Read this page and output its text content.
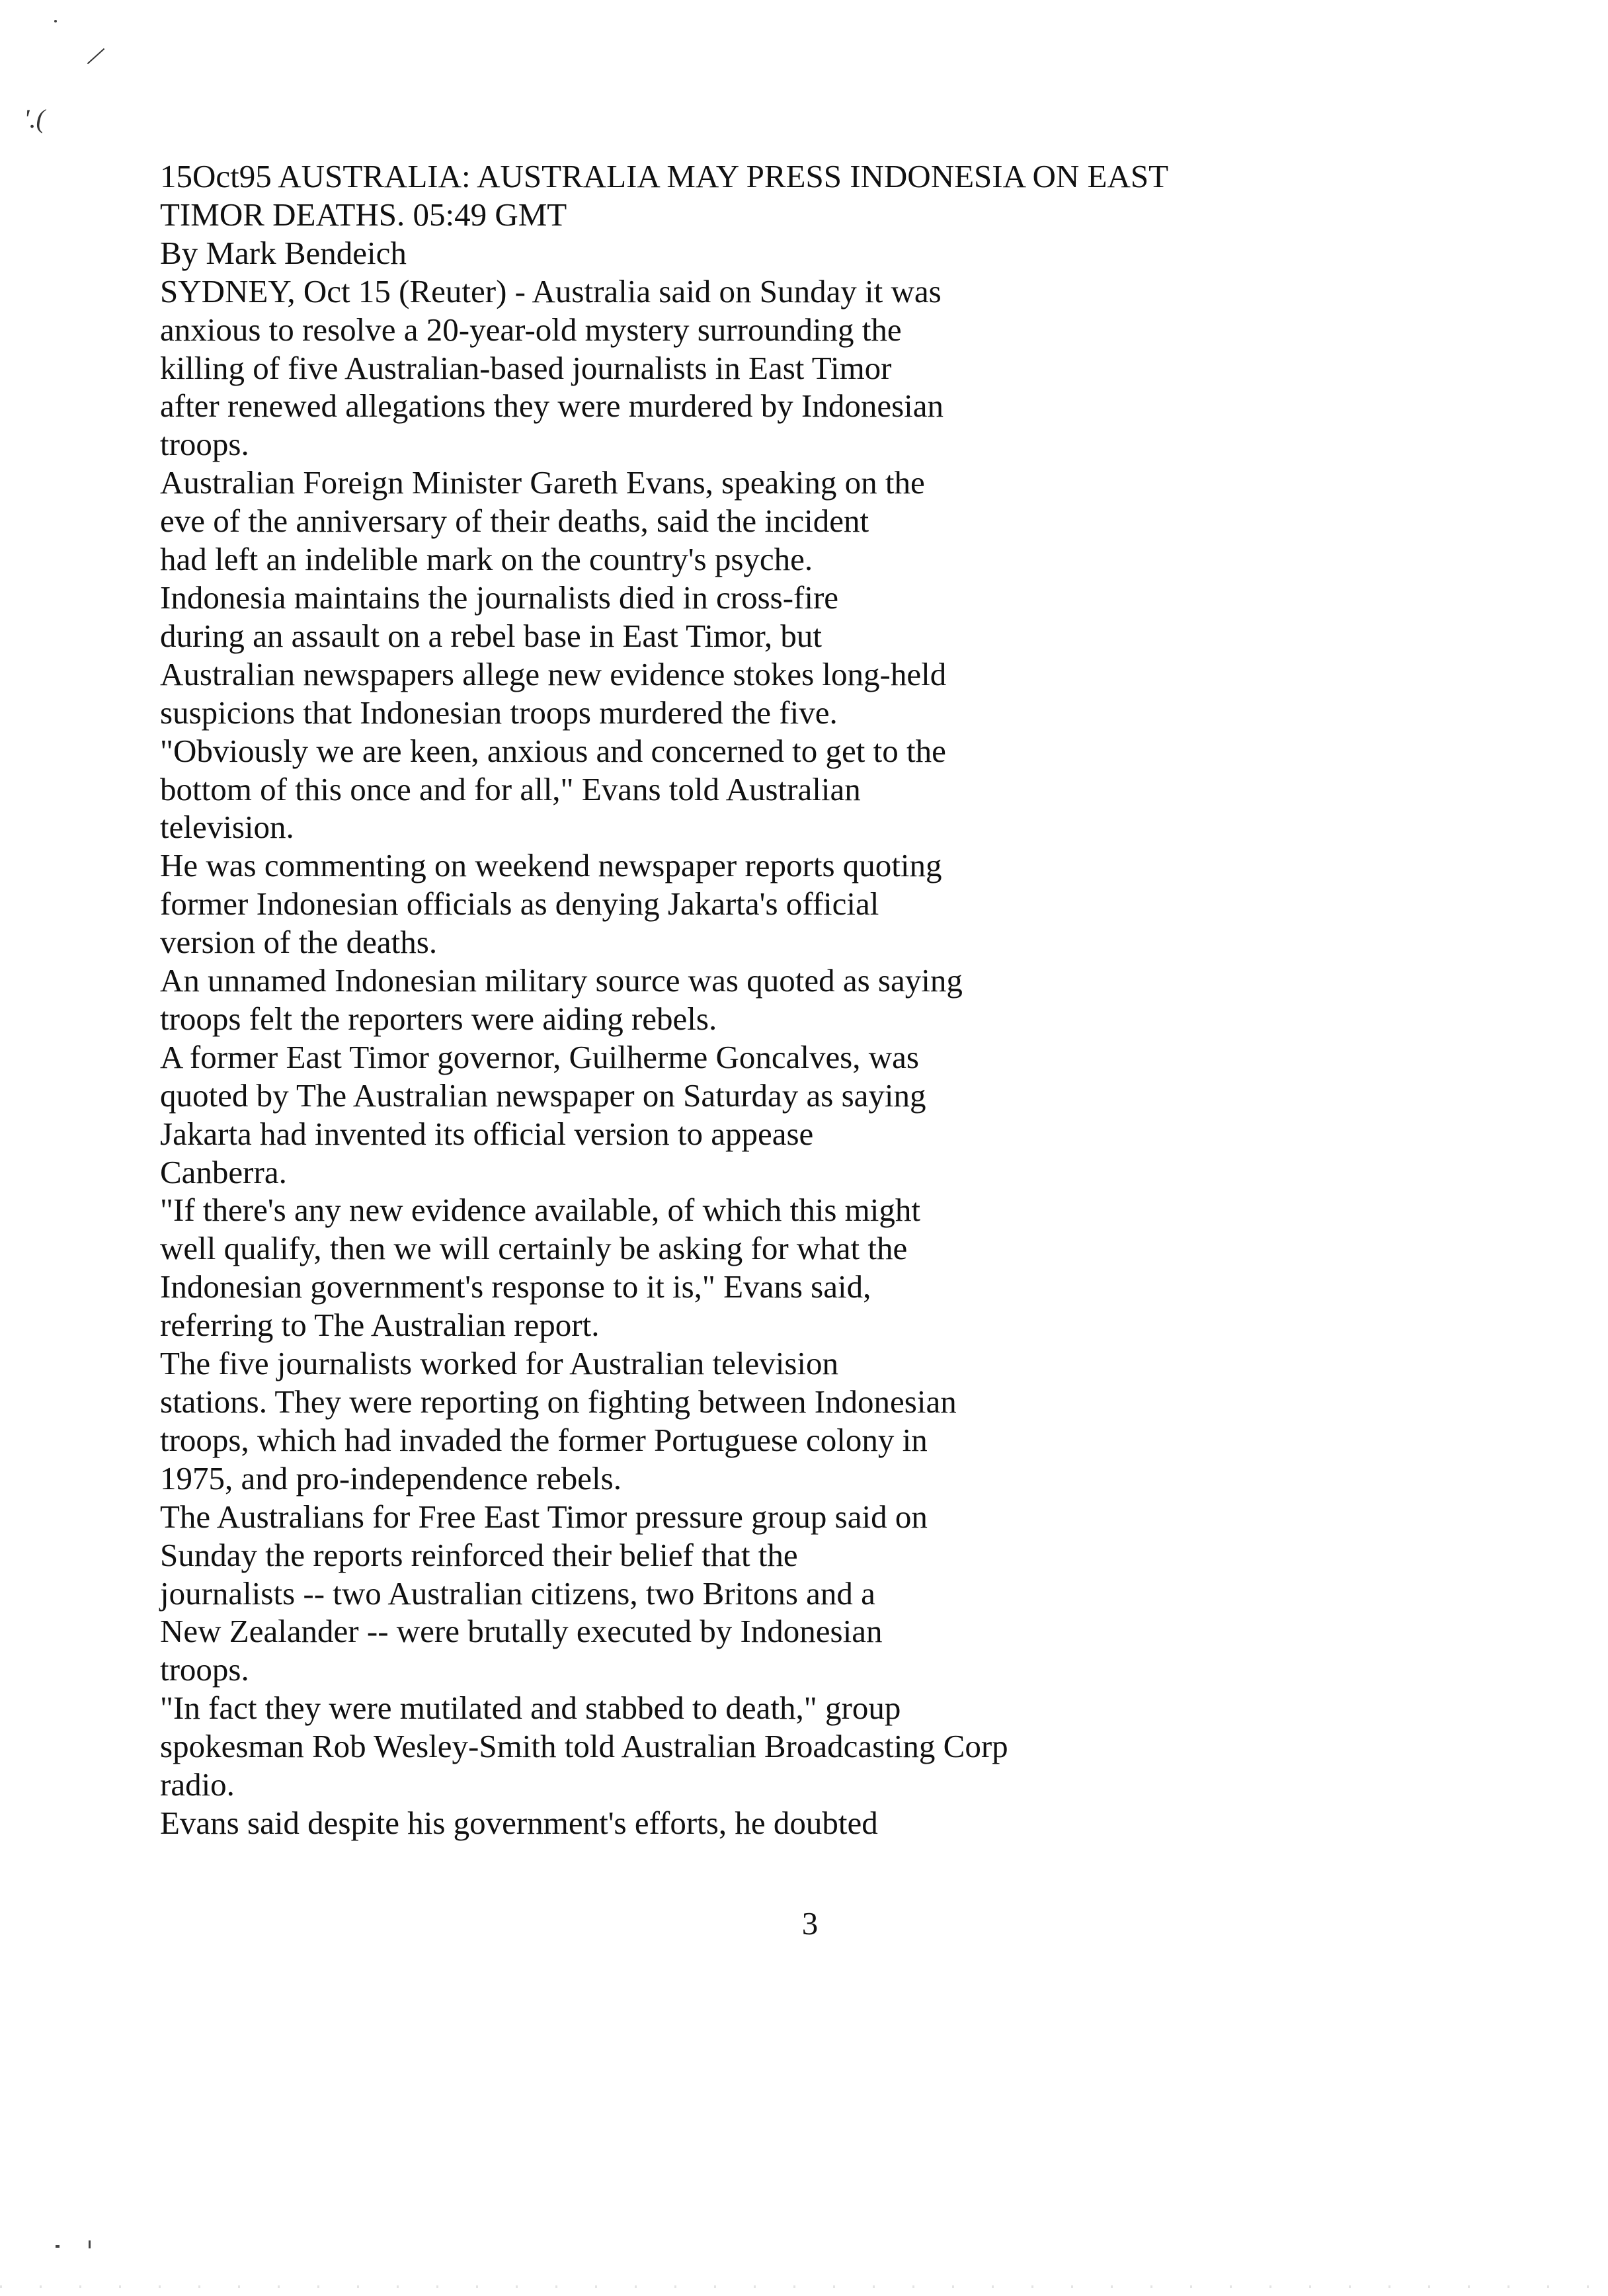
'.(
15Oct95 AUSTRALIA: AUSTRALIA MAY PRESS INDONESIA ON EAST
TIMOR DEATHS. 05:49 GMT
By Mark Bendeich
SYDNEY, Oct 15 (Reuter) - Australia said on Sunday it was
anxious to resolve a 20-year-old mystery surrounding the
killing of five Australian-based journalists in East Timor
after renewed allegations they were murdered by Indonesian
troops.
Australian Foreign Minister Gareth Evans, speaking on the
eve of the anniversary of their deaths, said the incident
had left an indelible mark on the country's psyche.
Indonesia maintains the journalists died in cross-fire
during an assault on a rebel base in East Timor, but
Australian newspapers allege new evidence stokes long-held
suspicions that Indonesian troops murdered the five.
"Obviously we are keen, anxious and concerned to get to the
bottom of this once and for all," Evans told Australian
television.
He was commenting on weekend newspaper reports quoting
former Indonesian officials as denying Jakarta's official
version of the deaths.
An unnamed Indonesian military source was quoted as saying
troops felt the reporters were aiding rebels.
A former East Timor governor, Guilherme Goncalves, was
quoted by The Australian newspaper on Saturday as saying
Jakarta had invented its official version to appease
Canberra.
"If there's any new evidence available, of which this might
well qualify, then we will certainly be asking for what the
Indonesian government's response to it is," Evans said,
referring to The Australian report.
The five journalists worked for Australian television
stations. They were reporting on fighting between Indonesian
troops, which had invaded the former Portuguese colony in
1975, and pro-independence rebels.
The Australians for Free East Timor pressure group said on
Sunday the reports reinforced their belief that the
journalists -- two Australian citizens, two Britons and a
New Zealander -- were brutally executed by Indonesian
troops.
"In fact they were mutilated and stabbed to death," group
spokesman Rob Wesley-Smith told Australian Broadcasting Corp
radio.
Evans said despite his government's efforts, he doubted
3
